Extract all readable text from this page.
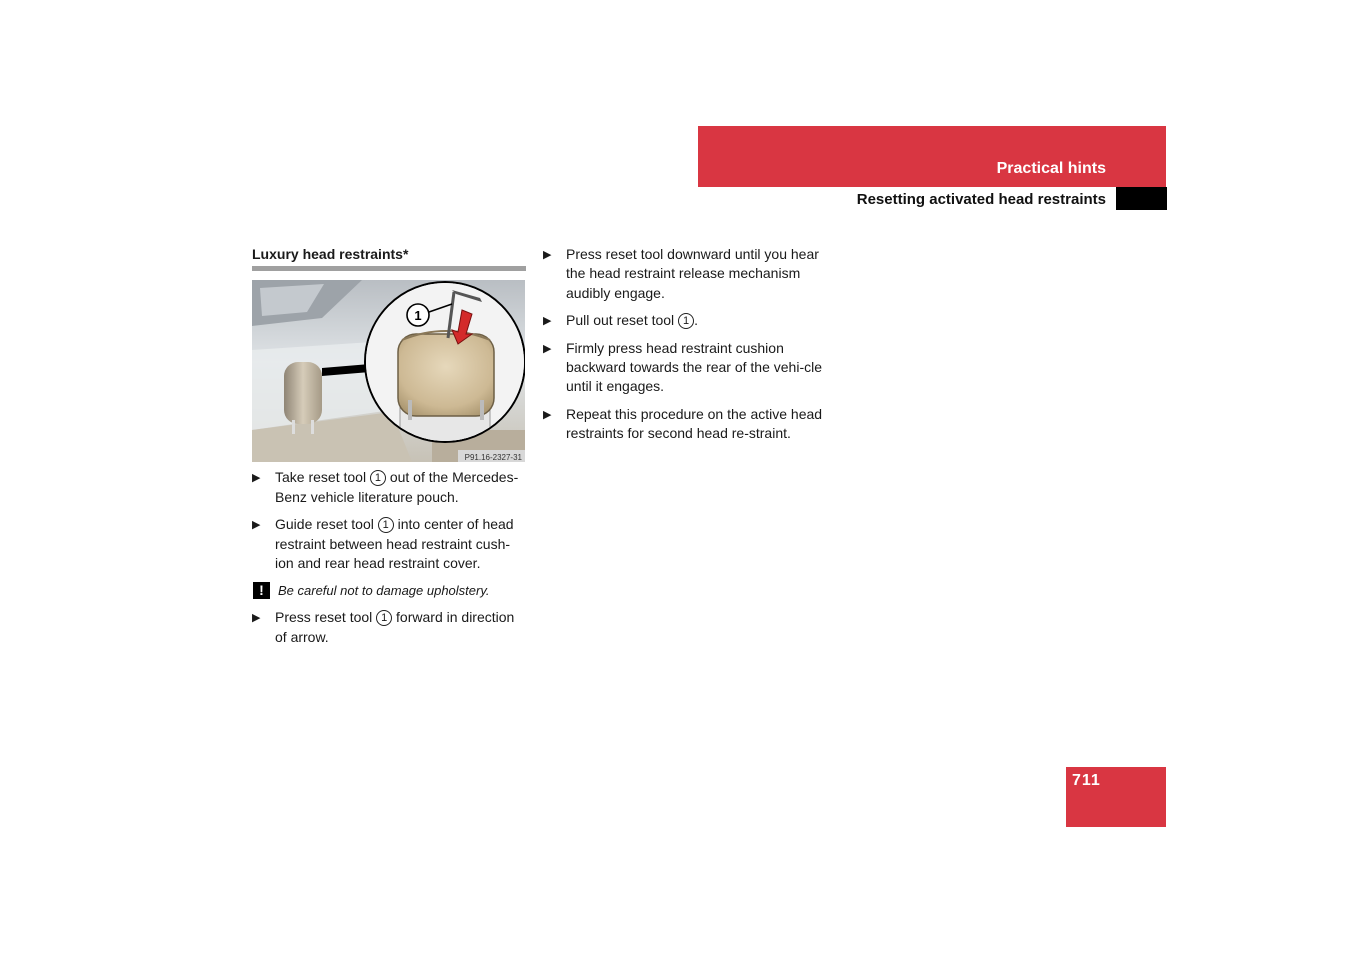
Practical hints
Resetting activated head restraints
Luxury head restraints*
1
P91.16-2327-31
▶ Take reset tool 1 out of the Mercedes-Benz vehicle literature pouch.
▶ Guide reset tool 1 into center of head restraint between head restraint cush-ion and rear head restraint cover.
!	Be careful not to damage upholstery.
▶ Press reset tool 1 forward in direction of arrow.
▶ Press reset tool downward until you hear the head restraint release mechanism audibly engage.
▶ Pull out reset tool 1 .
▶ Firmly press head restraint cushion backward towards the rear of the vehi-cle until it engages.
▶ Repeat this procedure on the active head restraints for second head re-straint.
711
